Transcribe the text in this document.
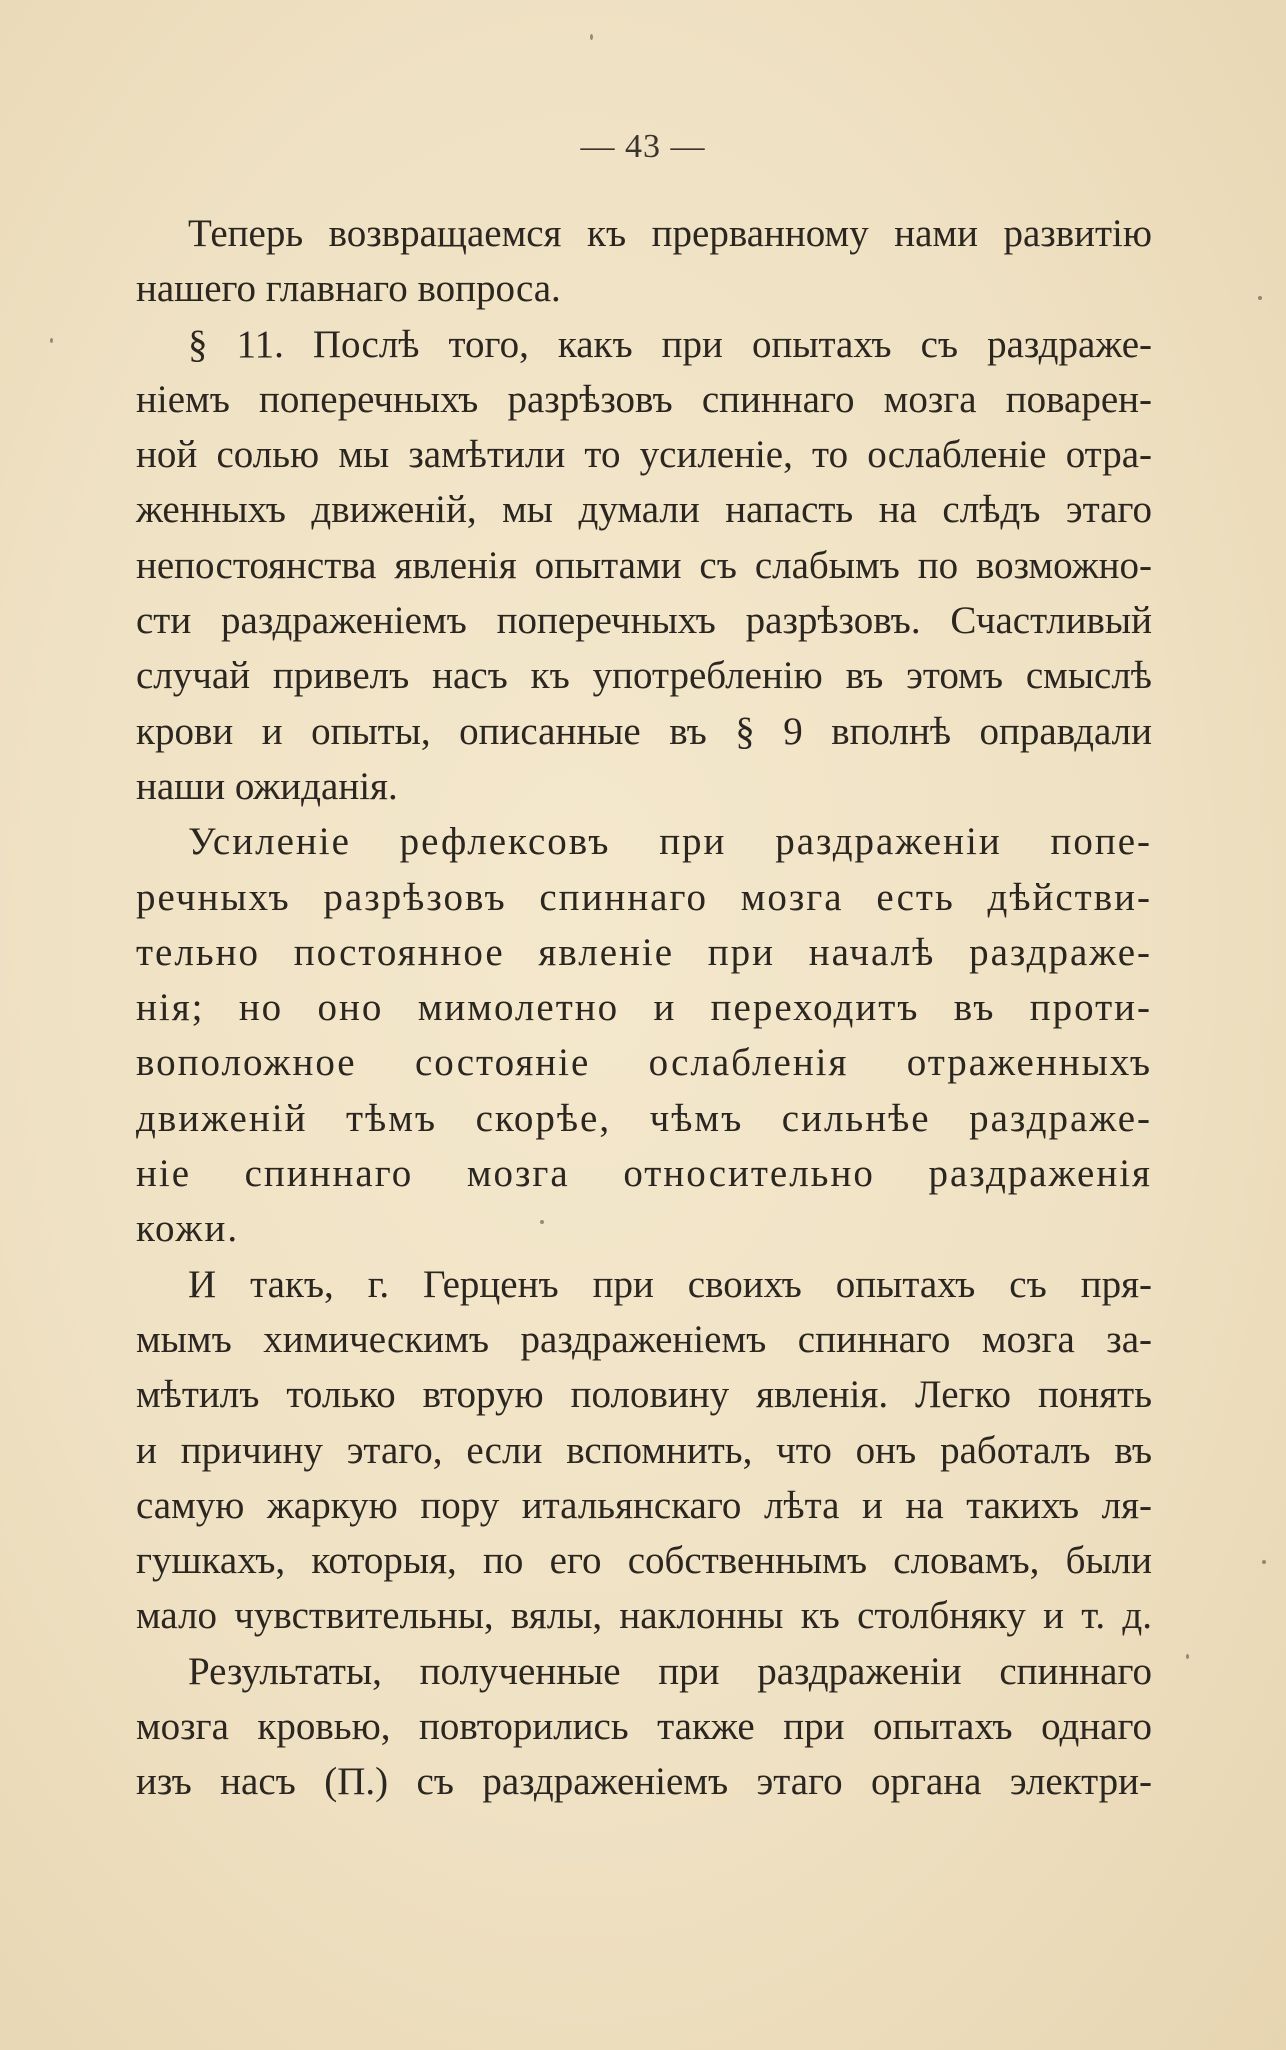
— 43 —
Теперь возвращаемся къ прерванному нами развитію
нашего главнаго вопроса.
§ 11. Послѣ того, какъ при опытахъ съ раздраже-
ніемъ поперечныхъ разрѣзовъ спиннаго мозга поварен-
ной солью мы замѣтили то усиленіе, то ослабленіе отра-
женныхъ движеній, мы думали напасть на слѣдъ этаго
непостоянства явленія опытами съ слабымъ по возможно-
сти раздраженіемъ поперечныхъ разрѣзовъ. Счастливый
случай привелъ насъ къ употребленію въ этомъ смыслѣ
крови и опыты, описанные въ § 9 вполнѣ оправдали
наши ожиданія.
Усиленіе рефлексовъ при раздраженіи попе-
речныхъ разрѣзовъ спиннаго мозга есть дѣйстви-
тельно постоянное явленіе при началѣ раздраже-
нія; но оно мимолетно и переходитъ въ проти-
воположное состояніе ослабленія отраженныхъ
движеній тѣмъ скорѣе, чѣмъ сильнѣе раздраже-
ніе спиннаго мозга относительно раздраженія
кожи.
И такъ, г. Герценъ при своихъ опытахъ съ пря-
мымъ химическимъ раздраженіемъ спиннаго мозга за-
мѣтилъ только вторую половину явленія. Легко понять
и причину этаго, если вспомнить, что онъ работалъ въ
самую жаркую пору итальянскаго лѣта и на такихъ ля-
гушкахъ, которыя, по его собственнымъ словамъ, были
мало чувствительны, вялы, наклонны къ столбняку и т. д.
Результаты, полученные при раздраженіи спиннаго
мозга кровью, повторились также при опытахъ однаго
изъ насъ (П.) съ раздраженіемъ этаго органа электри-
